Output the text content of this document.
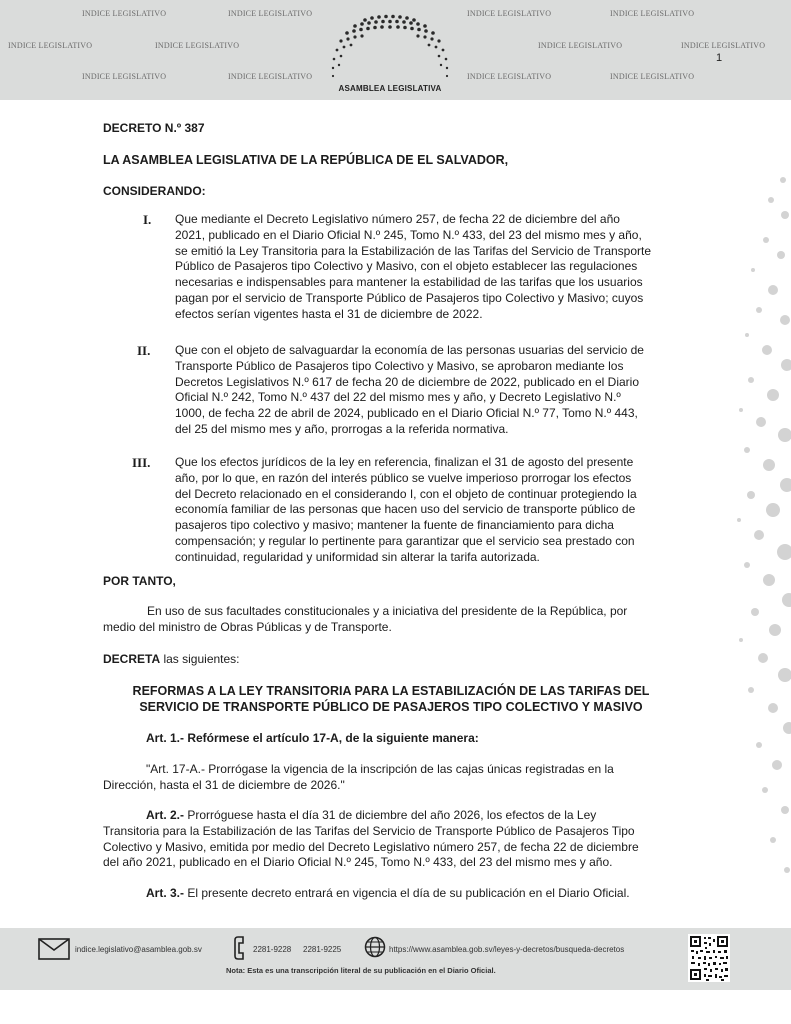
INDICE LEGISLATIVO	INDICE LEGISLATIVO	INDICE LEGISLATIVO	INDICE LEGISLATIVO
INDICE LEGISLATIVO	INDICE LEGISLATIVO	INDICE LEGISLATIVO	INDICE LEGISLATIVO
INDICE LEGISLATIVO	INDICE LEGISLATIVO	INDICE LEGISLATIVO	INDICE LEGISLATIVO
ASAMBLEA LEGISLATIVA
1
DECRETO N.º 387
LA ASAMBLEA LEGISLATIVA DE LA REPÚBLICA DE EL SALVADOR,
CONSIDERANDO:
I. Que mediante el Decreto Legislativo número 257, de fecha 22 de diciembre del año
2021, publicado en el Diario Oficial N.º 245, Tomo N.º 433, del 23 del mismo mes y año,
se emitió la Ley Transitoria para la Estabilización de las Tarifas del Servicio de Transporte
Público de Pasajeros tipo Colectivo y Masivo, con el objeto establecer las regulaciones
necesarias e indispensables para mantener la estabilidad de las tarifas que los usuarios
pagan por el servicio de Transporte Público de Pasajeros tipo Colectivo y Masivo; cuyos
efectos serían vigentes hasta el 31 de diciembre de 2022.
II. Que con el objeto de salvaguardar la economía de las personas usuarias del servicio de
Transporte Público de Pasajeros tipo Colectivo y Masivo, se aprobaron mediante los
Decretos Legislativos N.º 617 de fecha 20 de diciembre de 2022, publicado en el Diario
Oficial N.º 242, Tomo N.º 437 del 22 del mismo mes y año, y Decreto Legislativo N.º
1000, de fecha 22 de abril de 2024, publicado en el Diario Oficial N.º 77, Tomo N.º 443,
del 25 del mismo mes y año, prorrogas a la referida normativa.
III. Que los efectos jurídicos de la ley en referencia, finalizan el 31 de agosto del presente
año, por lo que, en razón del interés público se vuelve imperioso prorrogar los efectos
del Decreto relacionado en el considerando I, con el objeto de continuar protegiendo la
economía familiar de las personas que hacen uso del servicio de transporte público de
pasajeros tipo colectivo y masivo; mantener la fuente de financiamiento para dicha
compensación; y regular lo pertinente para garantizar que el servicio sea prestado con
continuidad, regularidad y uniformidad sin alterar la tarifa autorizada.
POR TANTO,
En uso de sus facultades constitucionales y a iniciativa del presidente de la República, por
medio del ministro de Obras Públicas y de Transporte.
DECRETA las siguientes:
REFORMAS A LA LEY TRANSITORIA PARA LA ESTABILIZACIÓN DE LAS TARIFAS DEL
SERVICIO DE TRANSPORTE PÚBLICO DE PASAJEROS TIPO COLECTIVO Y MASIVO
Art. 1.- Refórmese el artículo 17-A, de la siguiente manera:
"Art. 17-A.- Prorrógase la vigencia de la inscripción de las cajas únicas registradas en la
Dirección, hasta el 31 de diciembre de 2026."
Art. 2.- Prorróguese hasta el día 31 de diciembre del año 2026, los efectos de la Ley
Transitoria para la Estabilización de las Tarifas del Servicio de Transporte Público de Pasajeros Tipo
Colectivo y Masivo, emitida por medio del Decreto Legislativo número 257, de fecha 22 de diciembre
del año 2021, publicado en el Diario Oficial N.º 245, Tomo N.º 433, del 23 del mismo mes y año.
Art. 3.- El presente decreto entrará en vigencia el día de su publicación en el Diario Oficial.
indice.legislativo@asamblea.gob.sv	2281-9228 2281-9225	https://www.asamblea.gob.sv/leyes-y-decretos/busqueda-decretos
Nota: Esta es una transcripción literal de su publicación en el Diario Oficial.
